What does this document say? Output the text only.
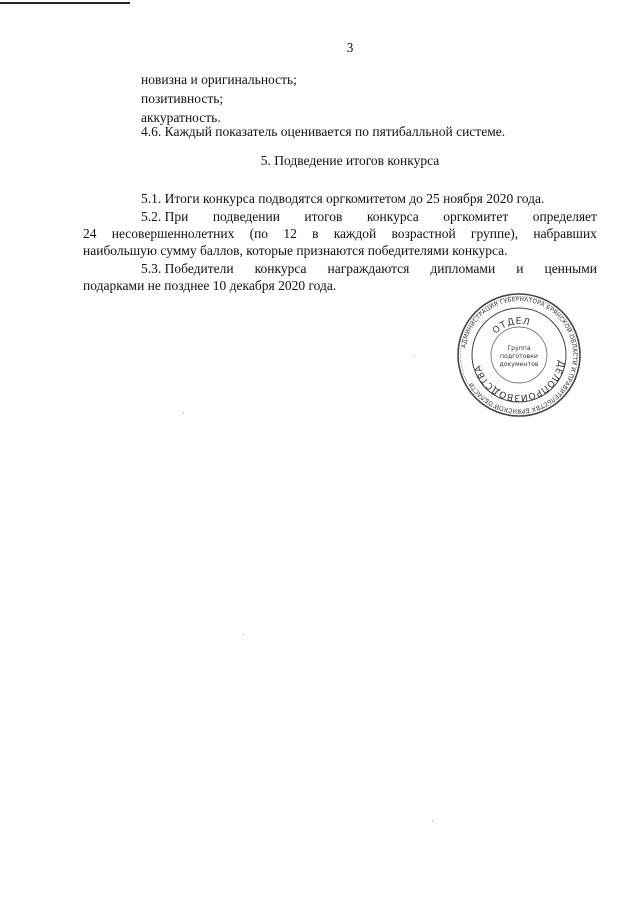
3
новизна и оригинальность;
позитивность;
аккуратность.
4.6. Каждый показатель оценивается по пятибалльной системе.
5. Подведение итогов конкурса
5.1. Итоги конкурса подводятся оргкомитетом до 25 ноября 2020 года.
5.2. При подведении итогов конкурса оргкомитет определяет
24 несовершеннолетних (по 12 в каждой возрастной группе), набравших
наибольшую сумму баллов, которые признаются победителями конкурса.
5.3. Победители конкурса награждаются дипломами и ценными
подарками не позднее 10 декабря 2020 года.
АДМИНИСТРАЦИЯ ГУБЕРНАТОРА БРЯНСКОЙ ОБЛАСТИ И ПРАВИТЕЛЬСТВА БРЯНСКОЙ ОБЛАСТИ
ДЕЛОПРОИЗВОДСТВА
ОТДЕЛ
Группа
подготовки
документов
